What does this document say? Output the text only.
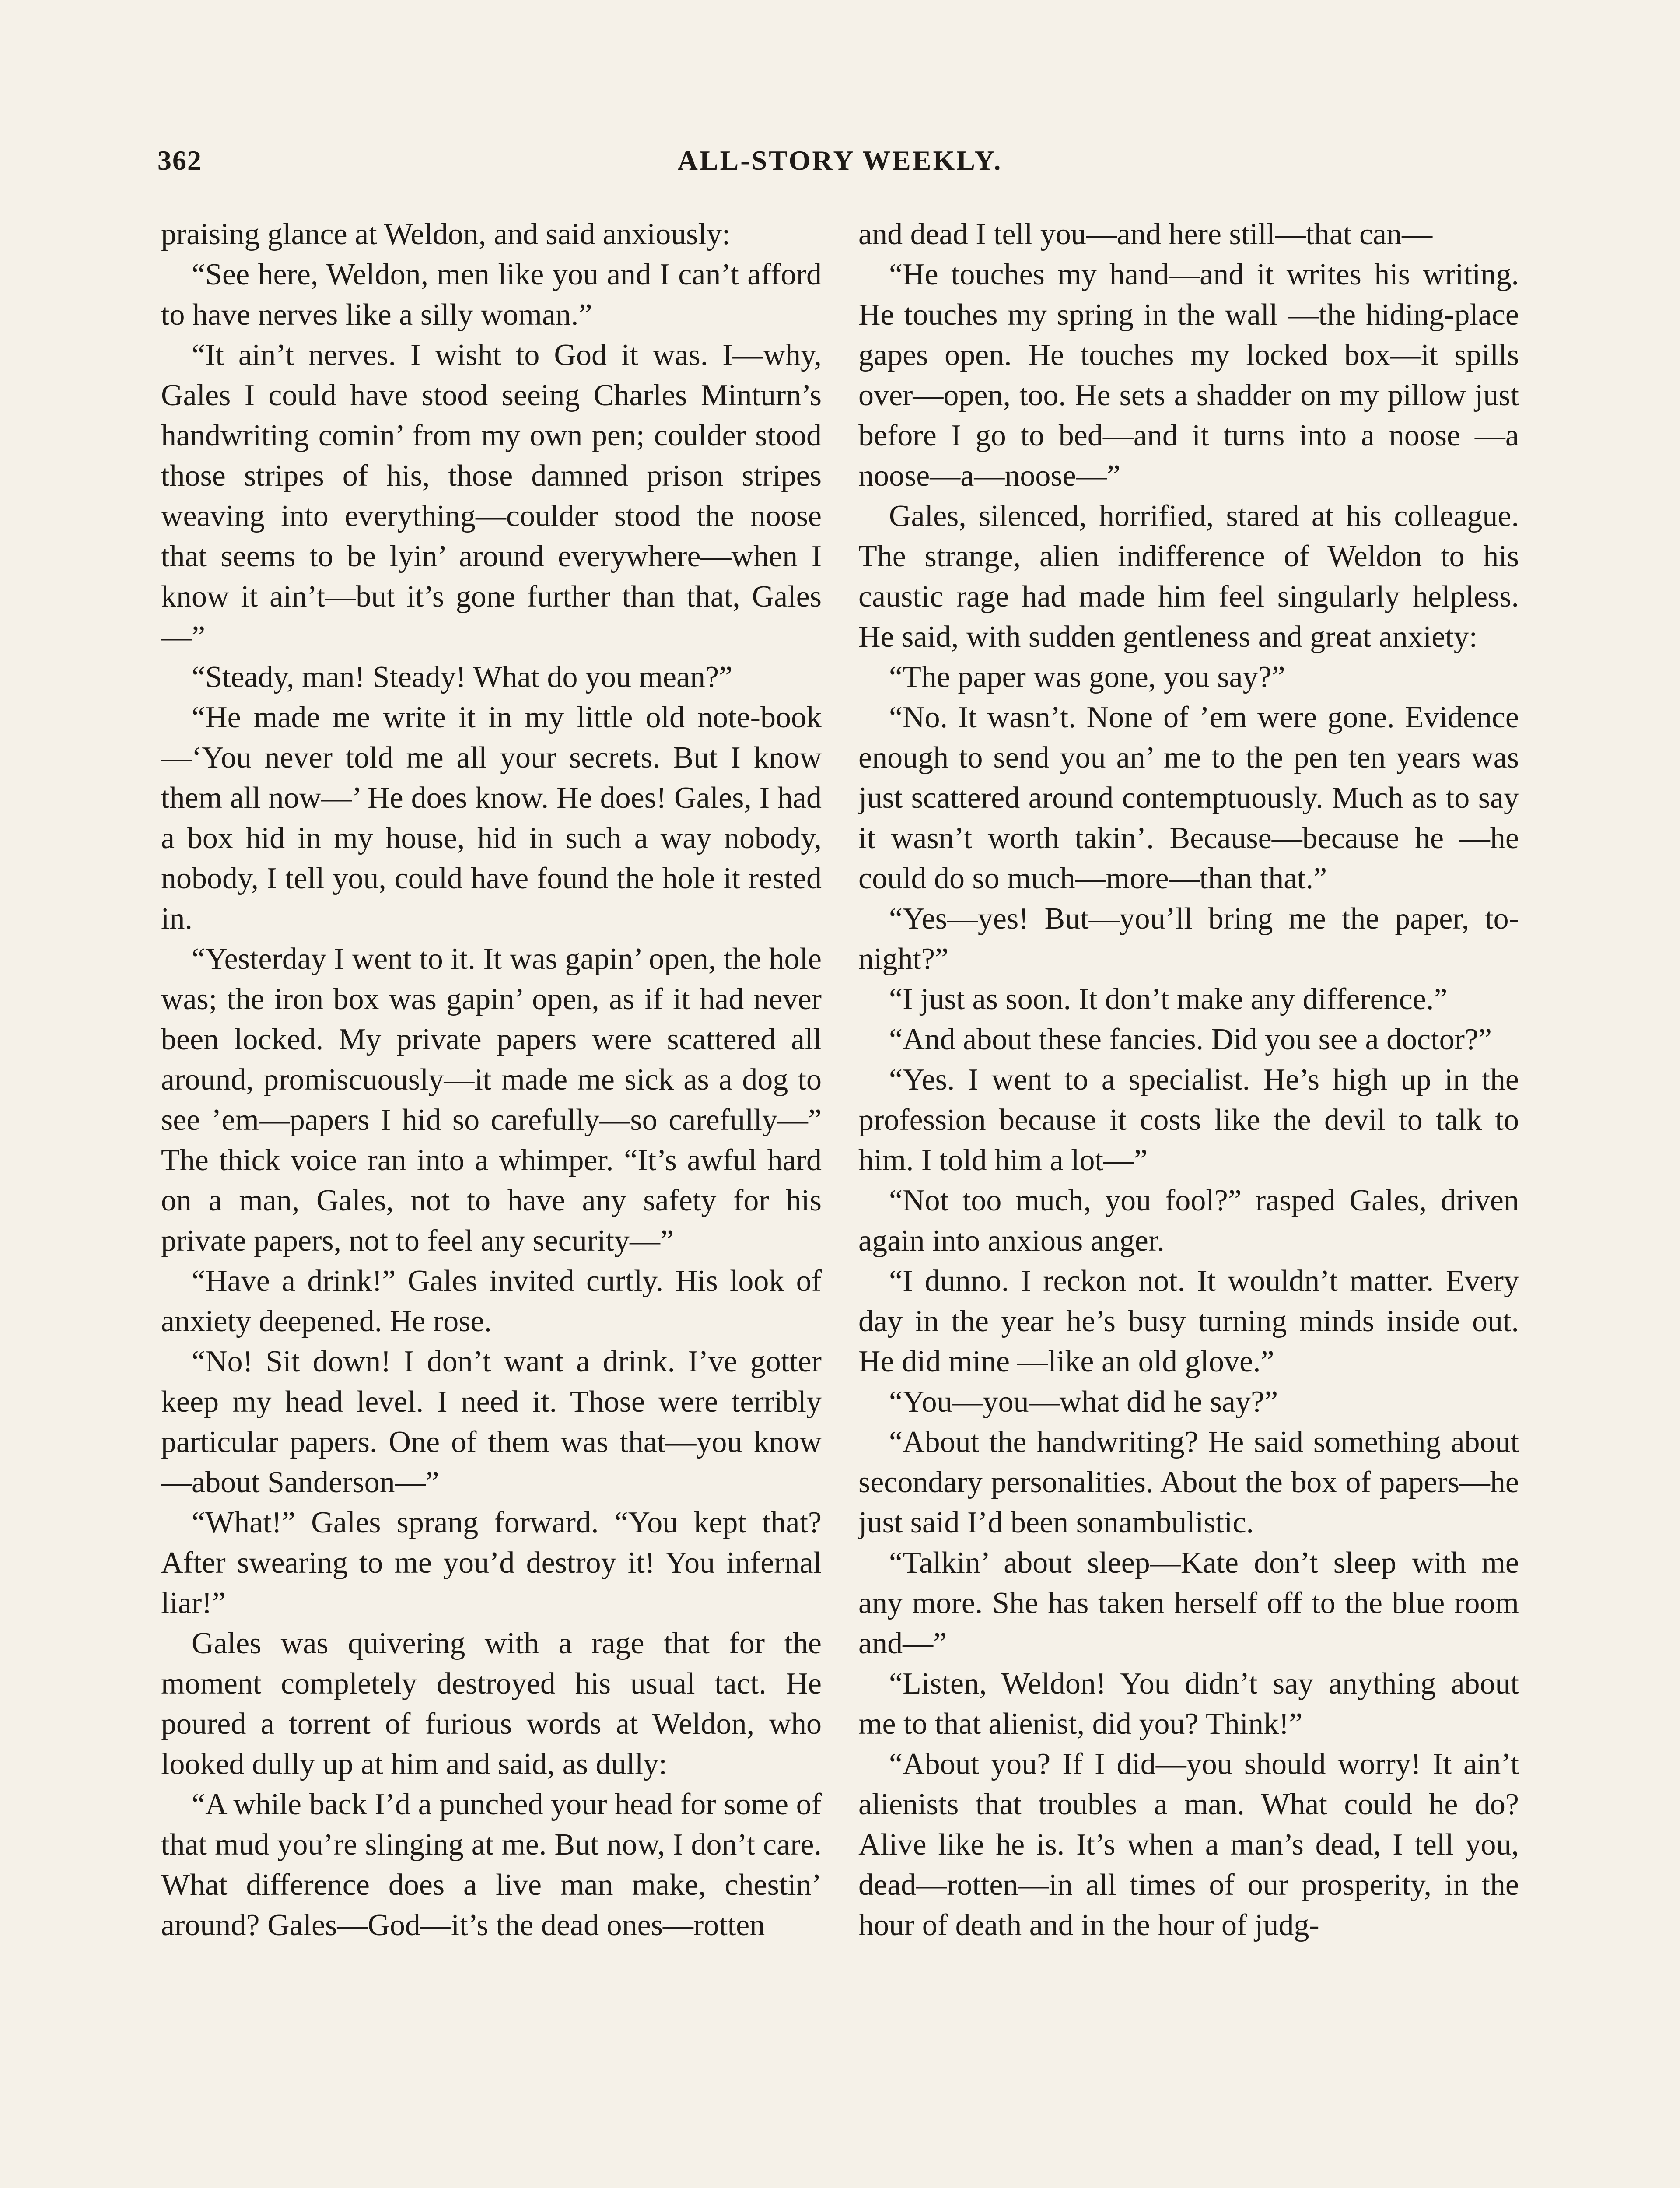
362	ALL-STORY WEEKLY.

praising glance at Weldon, and said anxiously:

“See here, Weldon, men like you and I can’t afford to have nerves like a silly woman.”

“It ain’t nerves. I wisht to God it was. I—why, Gales I could have stood seeing Charles Minturn’s handwriting comin’ from my own pen; coulder stood those stripes of his, those damned prison stripes weaving into everything—coulder stood the noose that seems to be lyin’ around everywhere—when I know it ain’t—but it’s gone further than that, Gales—”

“Steady, man! Steady! What do you mean?”

“He made me write it in my little old note-book—‘You never told me all your secrets. But I know them all now—’ He does know. He does! Gales, I had a box hid in my house, hid in such a way nobody, nobody, I tell you, could have found the hole it rested in.

“Yesterday I went to it. It was gapin’ open, the hole was; the iron box was gapin’ open, as if it had never been locked. My private papers were scattered all around, promiscuously—it made me sick as a dog to see ’em—papers I hid so carefully—so carefully—” The thick voice ran into a whimper. “It’s awful hard on a man, Gales, not to have any safety for his private papers, not to feel any security—”

“Have a drink!” Gales invited curtly. His look of anxiety deepened. He rose.

“No! Sit down! I don’t want a drink. I’ve gotter keep my head level. I need it. Those were terribly particular papers. One of them was that—you know—about Sanderson—”

“What!” Gales sprang forward. “You kept that? After swearing to me you’d destroy it! You infernal liar!”

Gales was quivering with a rage that for the moment completely destroyed his usual tact. He poured a torrent of furious words at Weldon, who looked dully up at him and said, as dully:

“A while back I’d a punched your head for some of that mud you’re slinging at me. But now, I don’t care. What difference does a live man make, chestin’ around? Gales—God—it’s the dead ones—rotten

and dead I tell you—and here still—that can—

“He touches my hand—and it writes his writing. He touches my spring in the wall —the hiding-place gapes open. He touches my locked box—it spills over—open, too. He sets a shadder on my pillow just before I go to bed—and it turns into a noose —a noose—a—noose—”

Gales, silenced, horrified, stared at his colleague. The strange, alien indifference of Weldon to his caustic rage had made him feel singularly helpless. He said, with sudden gentleness and great anxiety:

“The paper was gone, you say?”

“No. It wasn’t. None of ’em were gone. Evidence enough to send you an’ me to the pen ten years was just scattered around contemptuously. Much as to say it wasn’t worth takin’. Because—because he —he could do so much—more—than that.”

“Yes—yes! But—you’ll bring me the paper, to-night?”

“I just as soon. It don’t make any difference.”

“And about these fancies. Did you see a doctor?”

“Yes. I went to a specialist. He’s high up in the profession because it costs like the devil to talk to him. I told him a lot—”

“Not too much, you fool?” rasped Gales, driven again into anxious anger.

“I dunno. I reckon not. It wouldn’t matter. Every day in the year he’s busy turning minds inside out. He did mine —like an old glove.”

“You—you—what did he say?”

“About the handwriting? He said something about secondary personalities. About the box of papers—he just said I’d been sonambulistic.

“Talkin’ about sleep—Kate don’t sleep with me any more. She has taken herself off to the blue room and—”

“Listen, Weldon! You didn’t say anything about me to that alienist, did you? Think!”

“About you? If I did—you should worry! It ain’t alienists that troubles a man. What could he do? Alive like he is. It’s when a man’s dead, I tell you, dead—rotten—in all times of our prosperity, in the hour of death and in the hour of judg-
